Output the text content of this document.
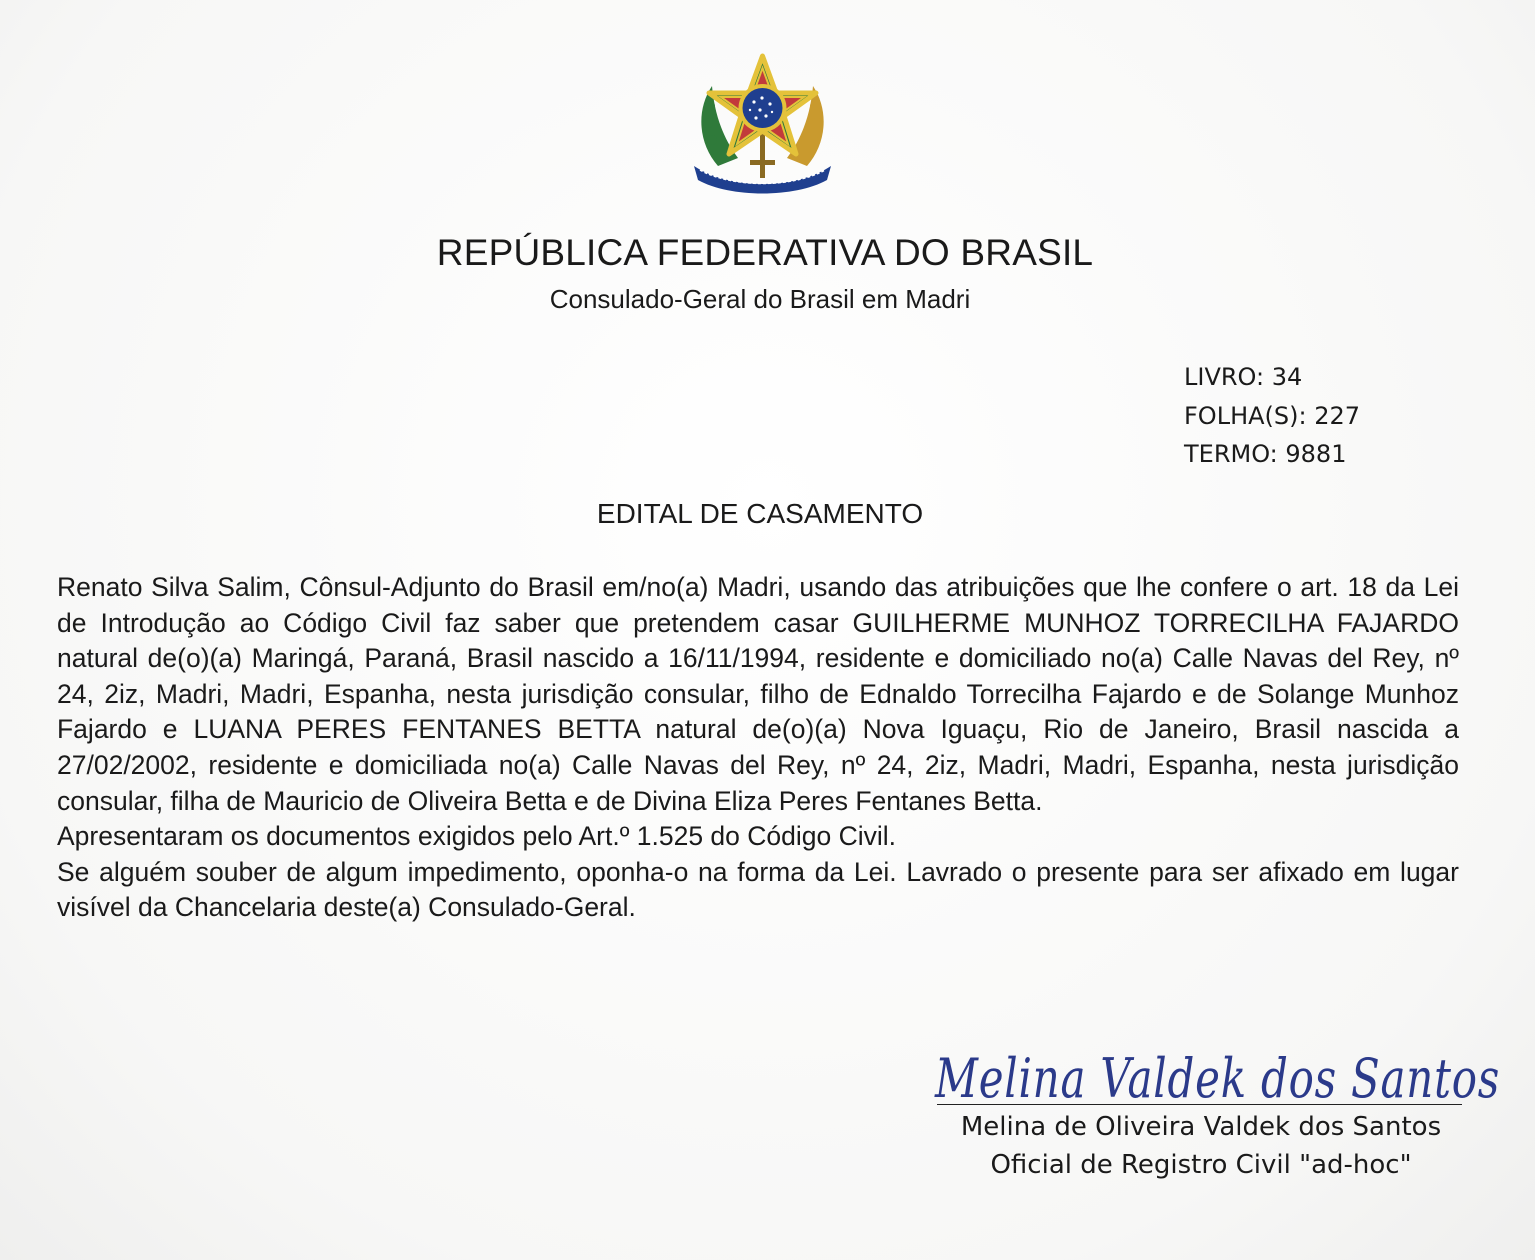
REPÚBLICA FEDERATIVA DO BRASIL
Consulado-Geral do Brasil em Madri
LIVRO: 34
FOLHA(S): 227
TERMO: 9881
EDITAL DE CASAMENTO

Renato Silva Salim, Cônsul-Adjunto do Brasil em/no(a) Madri, usando das atribuições que lhe confere o art. 18 da Lei de Introdução ao Código Civil faz saber que pretendem casar GUILHERME MUNHOZ TORRECILHA FAJARDO natural de(o)(a) Maringá, Paraná, Brasil nascido a 16/11/1994, residente e domiciliado no(a) Calle Navas del Rey, nº 24, 2iz, Madri, Madri, Espanha, nesta jurisdição consular, filho de Ednaldo Torrecilha Fajardo e de Solange Munhoz Fajardo e LUANA PERES FENTANES BETTA natural de(o)(a) Nova Iguaçu, Rio de Janeiro, Brasil nascida a 27/02/2002, residente e domiciliada no(a) Calle Navas del Rey, nº 24, 2iz, Madri, Madri, Espanha, nesta jurisdição consular, filha de Mauricio de Oliveira Betta e de Divina Eliza Peres Fentanes Betta.

Apresentaram os documentos exigidos pelo Art.º 1.525 do Código Civil.

Se alguém souber de algum impedimento, oponha-o na forma da Lei. Lavrado o presente para ser afixado em lugar visível da Chancelaria deste(a) Consulado-Geral.

Melina Valdek dos Santos
Melina de Oliveira Valdek dos Santos
Oficial de Registro Civil "ad-hoc"
